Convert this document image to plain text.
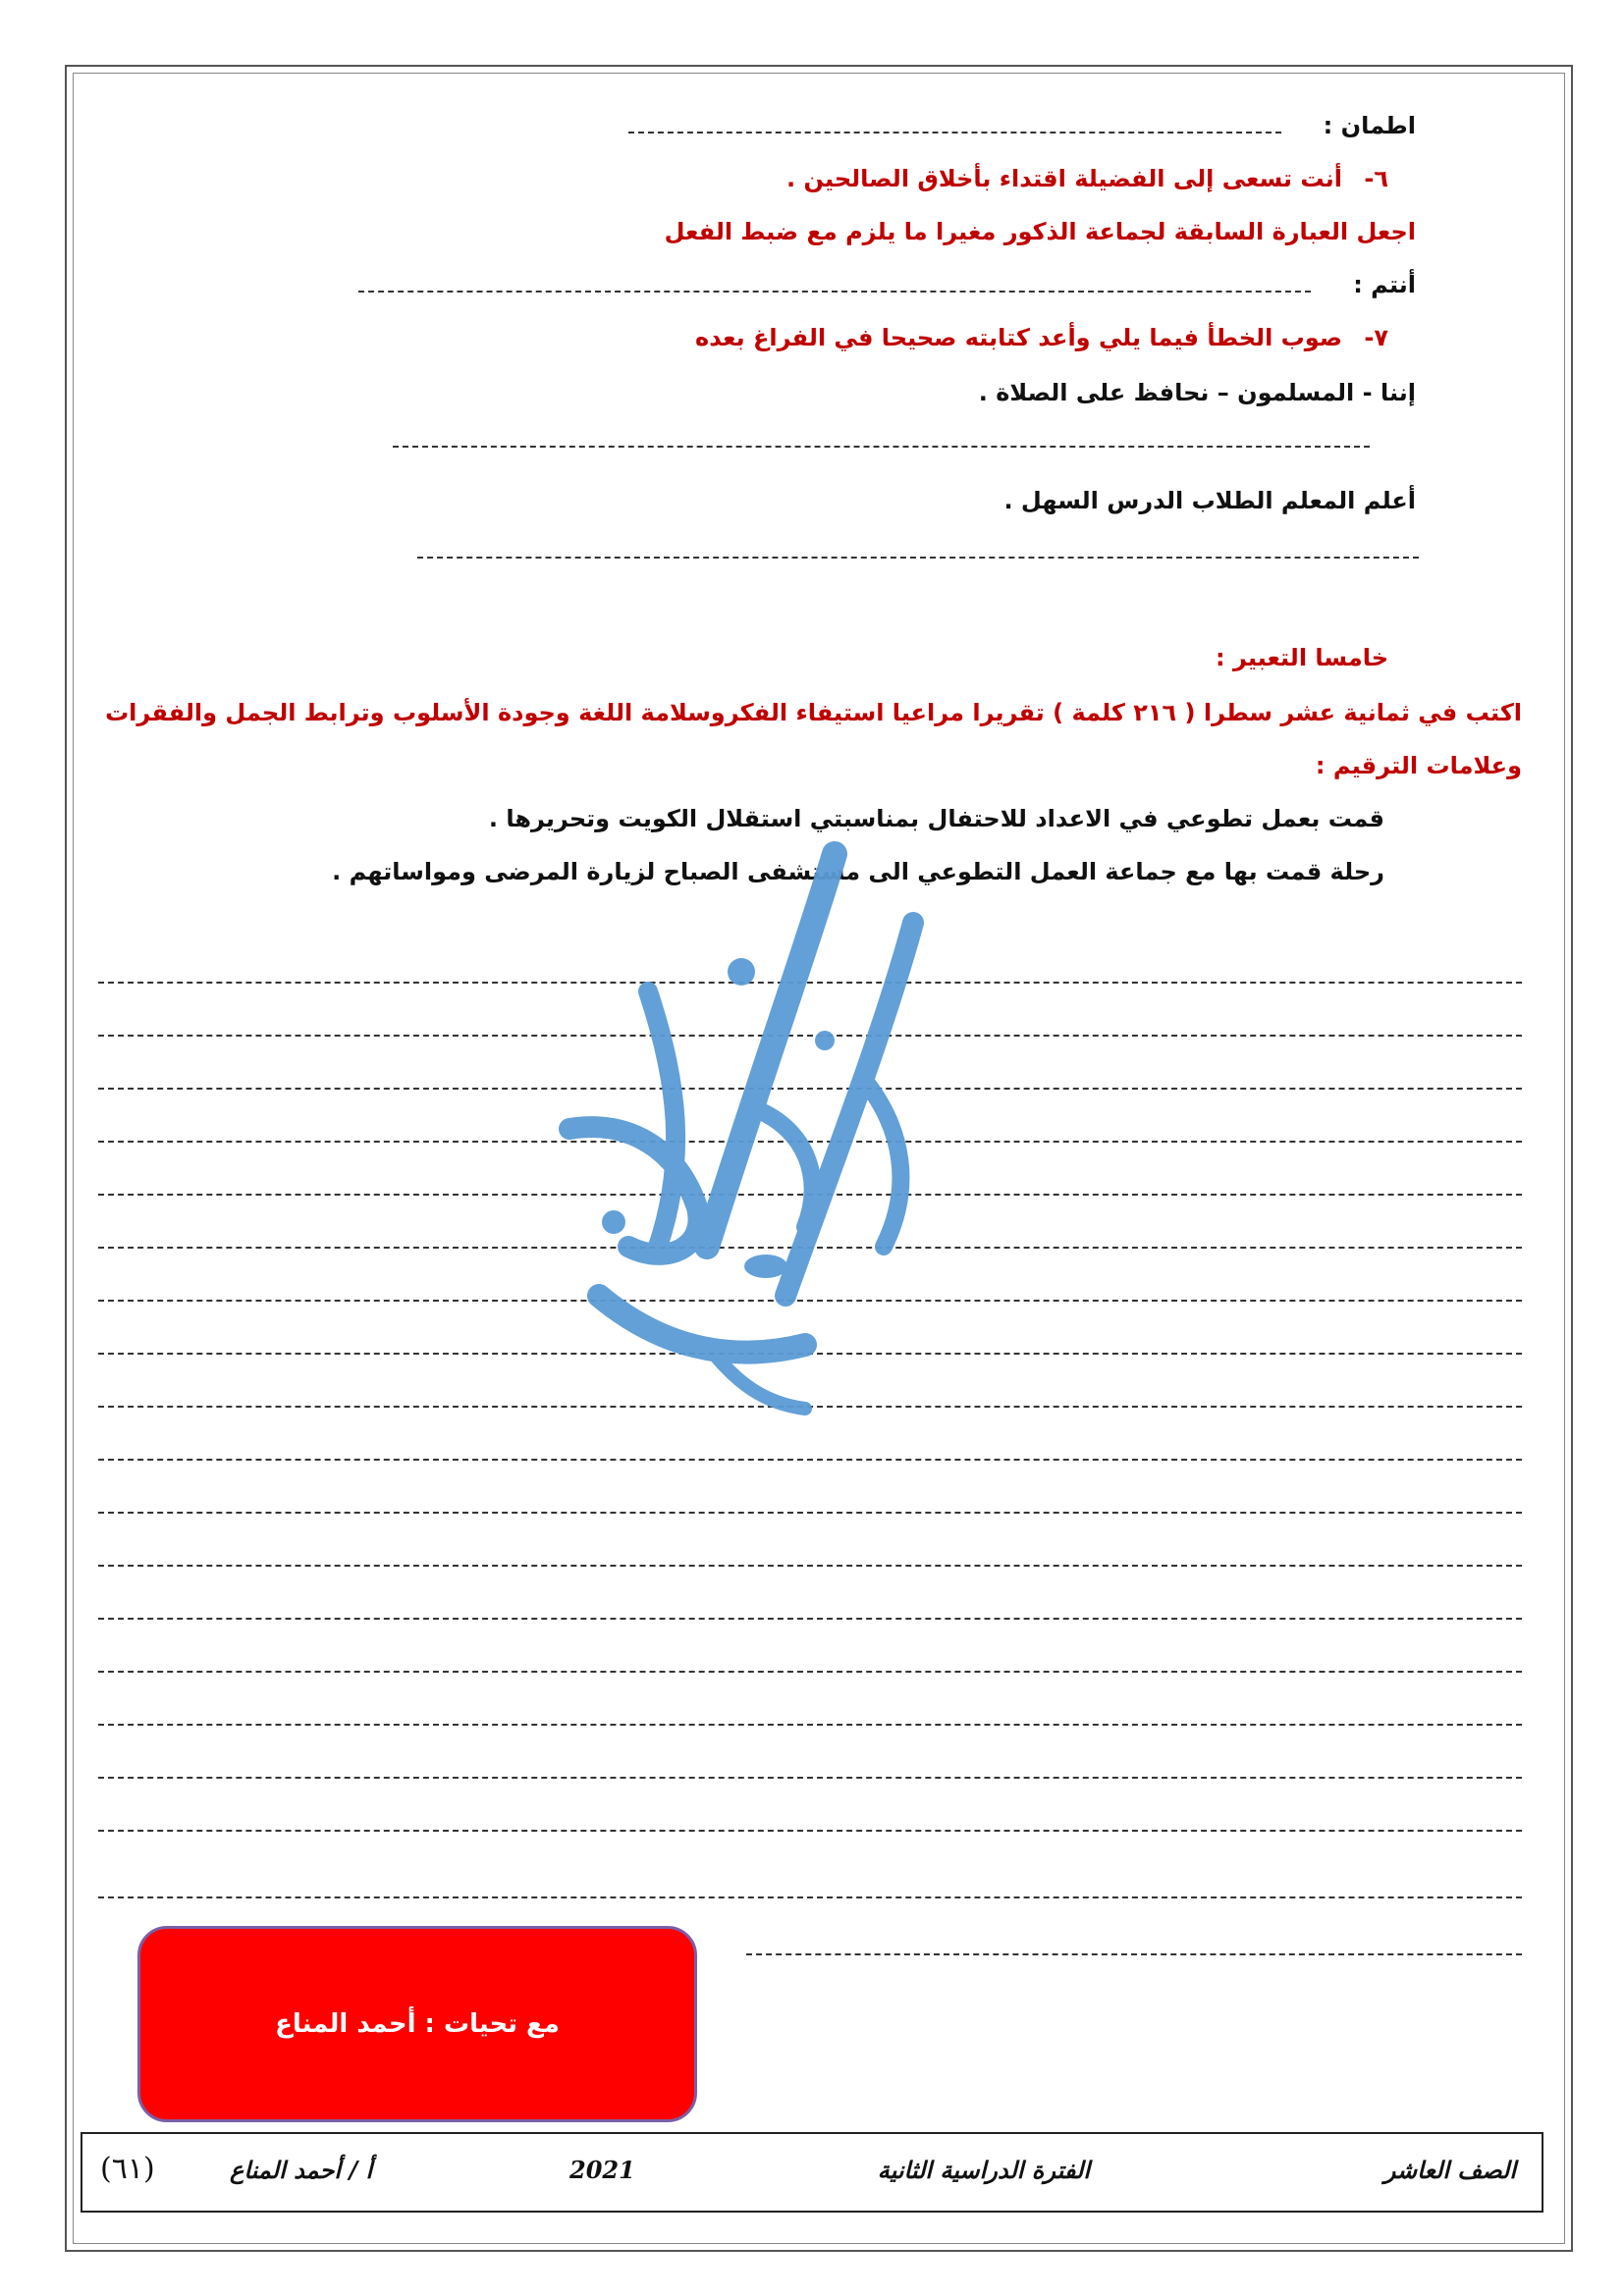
اطمان :
٦- أنت تسعى إلى الفضيلة اقتداء بأخلاق الصالحين .
اجعل العبارة السابقة لجماعة الذكور مغيرا ما يلزم مع ضبط الفعل
أنتم :
٧- صوب الخطأ فيما يلي وأعد كتابته صحيحا في الفراغ بعده
إننا - المسلمون – نحافظ على الصلاة .
أعلم المعلم الطلاب الدرس السهل .
خامسا التعبير :
اكتب في ثمانية عشر سطرا ( ٢١٦ كلمة ) تقريرا مراعيا استيفاء الفكروسلامة اللغة وجودة الأسلوب وترابط الجمل والفقرات
وعلامات الترقيم :
قمت بعمل تطوعي في الاعداد للاحتفال بمناسبتي استقلال الكويت وتحريرها .
رحلة قمت بها مع جماعة العمل التطوعي الى مستشفى الصباح لزيارة المرضى ومواساتهم .
مع تحيات : أحمد المناع
الصف العاشر
الفترة الدراسية الثانية
2021
أ / أحمد المناع
(٦١)
